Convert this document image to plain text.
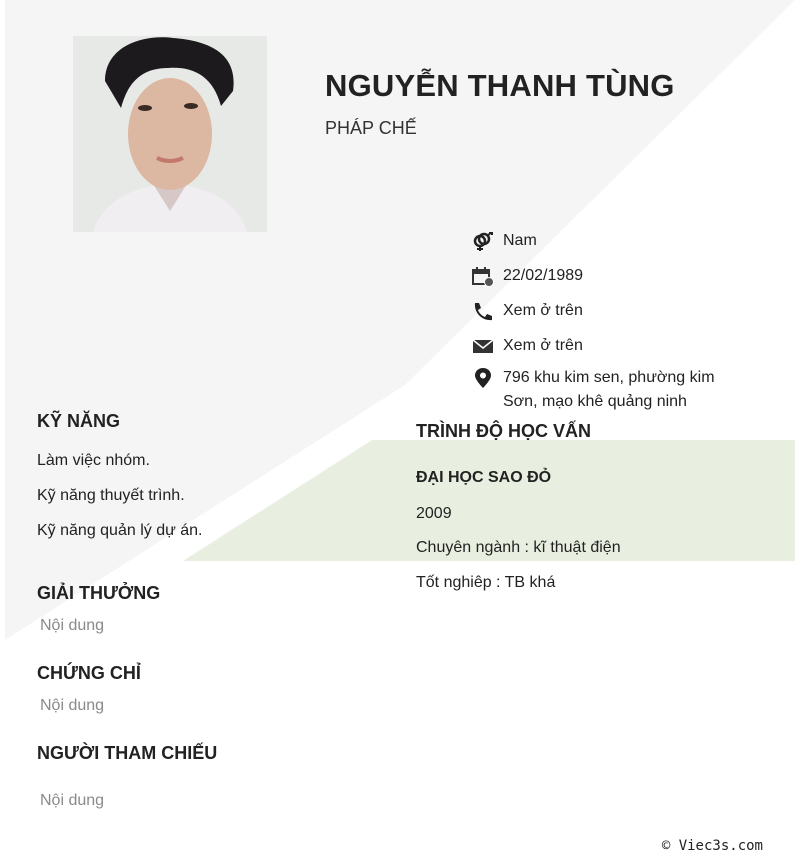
NGUYỄN THANH TÙNG
PHÁP CHẾ
Nam
22/02/1989
Xem ở trên
Xem ở trên
796 khu kim sen, phường kim Sơn, mạo khê quảng ninh
KỸ NĂNG
Làm việc nhóm.
Kỹ năng thuyết trình.
Kỹ năng quản lý dự án.
GIẢI THƯỞNG
Nội dung
CHỨNG CHỈ
Nội dung
NGƯỜI THAM CHIẾU
Nội dung
TRÌNH ĐỘ HỌC VẤN
ĐẠI HỌC SAO ĐỎ
2009
Chuyên ngành : kĩ thuật điện
Tốt nghiêp : TB khá
© Viec3s.com
